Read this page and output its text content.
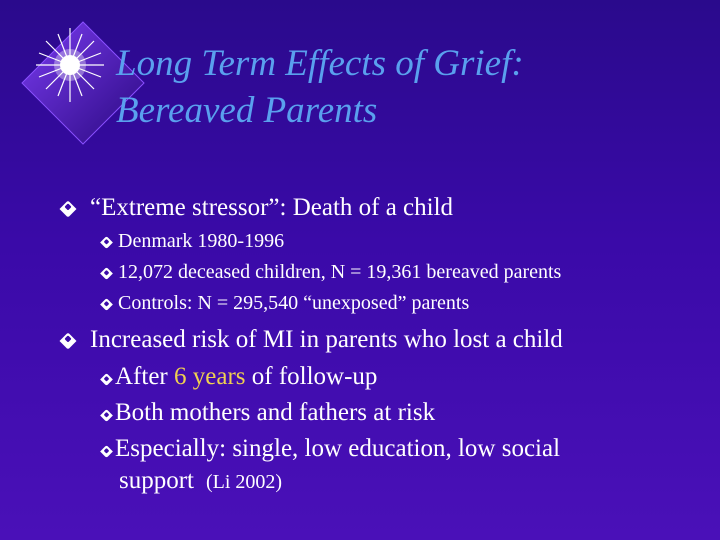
Long Term Effects of Grief:
Bereaved Parents
“Extreme stressor”: Death of a child
Denmark 1980-1996
12,072 deceased children, N = 19,361 bereaved parents
Controls: N = 295,540 “unexposed” parents
Increased risk of MI in parents who lost a child
After 6 years of follow-up
Both mothers and fathers at risk
Especially: single, low education, low social
support (Li 2002)
